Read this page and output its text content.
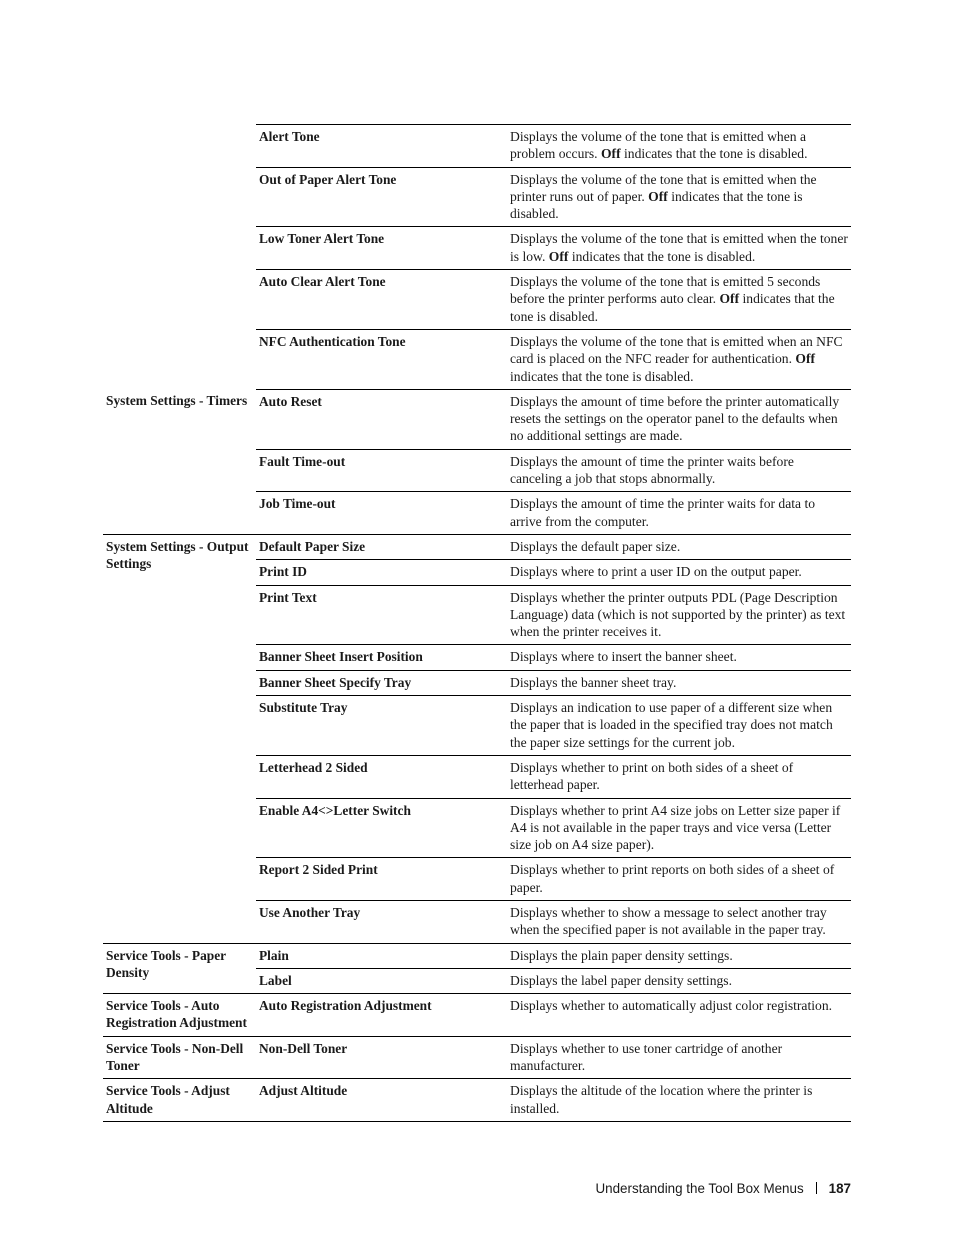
	Alert Tone	Displays the volume of the tone that is emitted when a problem occurs. Off indicates that the tone is disabled.
	Out of Paper Alert Tone	Displays the volume of the tone that is emitted when the printer runs out of paper. Off indicates that the tone is disabled.
	Low Toner Alert Tone	Displays the volume of the tone that is emitted when the toner is low. Off indicates that the tone is disabled.
	Auto Clear Alert Tone	Displays the volume of the tone that is emitted 5 seconds before the printer performs auto clear. Off indicates that the tone is disabled.
	NFC Authentication Tone	Displays the volume of the tone that is emitted when an NFC card is placed on the NFC reader for authentication. Off indicates that the tone is disabled.
System Settings - Timers	Auto Reset	Displays the amount of time before the printer automatically resets the settings on the operator panel to the defaults when no additional settings are made.
	Fault Time-out	Displays the amount of time the printer waits before canceling a job that stops abnormally.
	Job Time-out	Displays the amount of time the printer waits for data to arrive from the computer.
System Settings - Output Settings	Default Paper Size	Displays the default paper size.
	Print ID	Displays where to print a user ID on the output paper.
	Print Text	Displays whether the printer outputs PDL (Page Description Language) data (which is not supported by the printer) as text when the printer receives it.
	Banner Sheet Insert Position	Displays where to insert the banner sheet.
	Banner Sheet Specify Tray	Displays the banner sheet tray.
	Substitute Tray	Displays an indication to use paper of a different size when the paper that is loaded in the specified tray does not match the paper size settings for the current job.
	Letterhead 2 Sided	Displays whether to print on both sides of a sheet of letterhead paper.
	Enable A4<>Letter Switch	Displays whether to print A4 size jobs on Letter size paper if A4 is not available in the paper trays and vice versa (Letter size job on A4 size paper).
	Report 2 Sided Print	Displays whether to print reports on both sides of a sheet of paper.
	Use Another Tray	Displays whether to show a message to select another tray when the specified paper is not available in the paper tray.
Service Tools - Paper Density	Plain	Displays the plain paper density settings.
	Label	Displays the label paper density settings.
Service Tools - Auto Registration Adjustment	Auto Registration Adjustment	Displays whether to automatically adjust color registration.
Service Tools - Non-Dell Toner	Non-Dell Toner	Displays whether to use toner cartridge of another manufacturer.
Service Tools - Adjust Altitude	Adjust Altitude	Displays the altitude of the location where the printer is installed.
Understanding the Tool Box Menus 187
